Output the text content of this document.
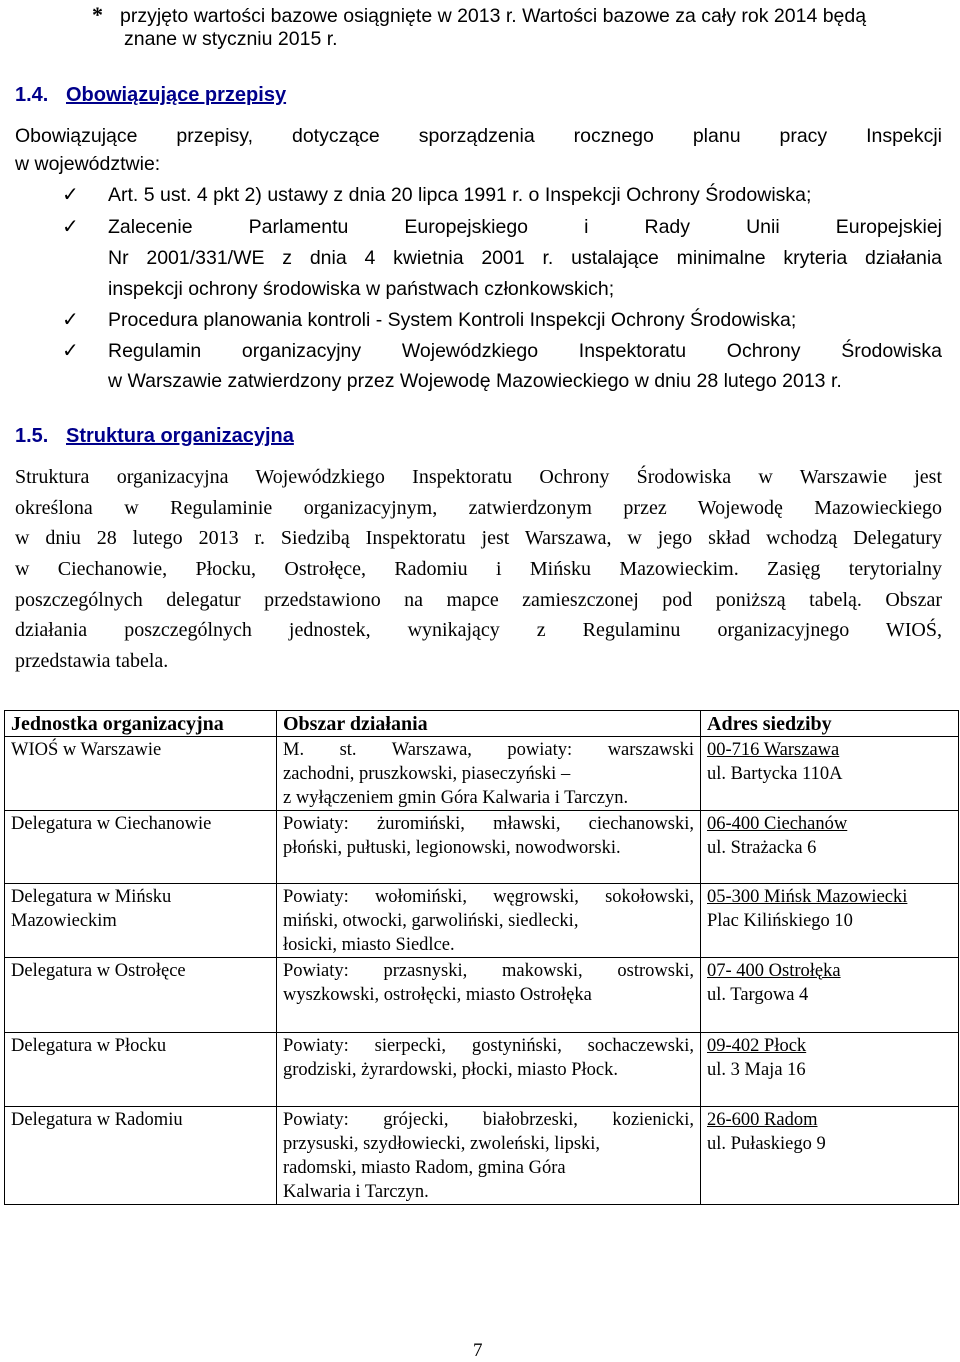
* przyjęto wartości bazowe osiągnięte w 2013 r. Wartości bazowe za cały rok 2014 będą
znane w styczniu 2015 r.
1.4. Obowiązujące przepisy
Obowiązujące przepisy, dotyczące sporządzenia rocznego planu pracy Inspekcji
w województwie:
✓ Art. 5 ust. 4 pkt 2) ustawy z dnia 20 lipca 1991 r. o Inspekcji Ochrony Środowiska;
✓ Zalecenie Parlamentu Europejskiego i Rady Unii Europejskiej
Nr 2001/331/WE z dnia 4 kwietnia 2001 r. ustalające minimalne kryteria działania
inspekcji ochrony środowiska w państwach członkowskich;
✓ Procedura planowania kontroli - System Kontroli Inspekcji Ochrony Środowiska;
✓ Regulamin organizacyjny Wojewódzkiego Inspektoratu Ochrony Środowiska
w Warszawie zatwierdzony przez Wojewodę Mazowieckiego w dniu 28 lutego 2013 r.
1.5. Struktura organizacyjna
Struktura organizacyjna Wojewódzkiego Inspektoratu Ochrony Środowiska w Warszawie jest
określona w Regulaminie organizacyjnym, zatwierdzonym przez Wojewodę Mazowieckiego
w dniu 28 lutego 2013 r. Siedzibą Inspektoratu jest Warszawa, w jego skład wchodzą Delegatury
w Ciechanowie, Płocku, Ostrołęce, Radomiu i Mińsku Mazowieckim. Zasięg terytorialny
poszczególnych delegatur przedstawiono na mapce zamieszczonej pod poniższą tabelą. Obszar
działania poszczególnych jednostek, wynikający z Regulaminu organizacyjnego WIOŚ,
przedstawia tabela.
Jednostka organizacyjna	Obszar działania	Adres siedziby

WIOŚ w Warszawie	M. st. Warszawa, powiaty: warszawski
zachodni, pruszkowski, piaseczyński –
z wyłączeniem gmin Góra Kalwaria i Tarczyn.	00-716 Warszawa
ul. Bartycka 110A

Delegatura w Ciechanowie	Powiaty: żuromiński, mławski, ciechanowski,
płoński, pułtuski, legionowski, nowodworski.	06-400 Ciechanów
ul. Strażacka 6

Delegatura w Mińsku
Mazowieckim	Powiaty: wołomiński, węgrowski, sokołowski,
miński, otwocki, garwoliński, siedlecki,
łosicki, miasto Siedlce.	05-300 Mińsk Mazowiecki
Plac Kilińskiego 10

Delegatura w Ostrołęce	Powiaty: przasnyski, makowski, ostrowski,
wyszkowski, ostrołęcki, miasto Ostrołęka	07- 400 Ostrołęka
ul. Targowa 4

Delegatura w Płocku	Powiaty: sierpecki, gostyniński, sochaczewski,
grodziski, żyrardowski, płocki, miasto Płock.	09-402 Płock
ul. 3 Maja 16

Delegatura w Radomiu	Powiaty: grójecki, białobrzeski, kozienicki,
przysuski, szydłowiecki, zwoleński, lipski,
radomski, miasto Radom, gmina Góra
Kalwaria i Tarczyn.	26-600 Radom
ul. Pułaskiego 9
7
